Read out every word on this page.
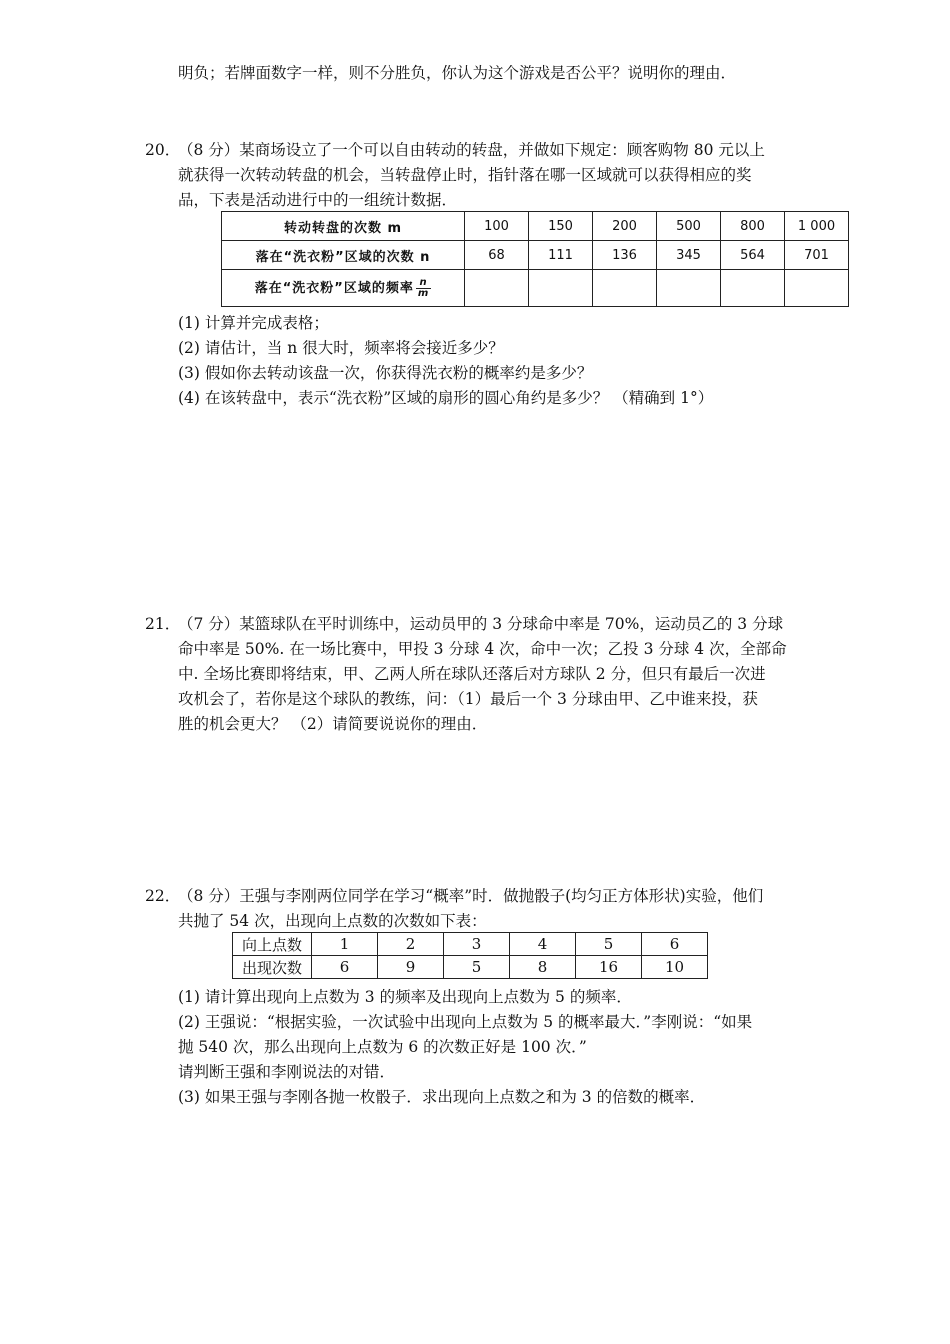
明负；若牌面数字一样，则不分胜负，你认为这个游戏是否公平？说明你的理由．
20．
（8 分）某商场设立了一个可以自由转动的转盘，并做如下规定：顾客购物 80 元以上
就获得一次转动转盘的机会，当转盘停止时，指针落在哪一区域就可以获得相应的奖
品，下表是活动进行中的一组统计数据．
转动转盘的次数 m	100	150	200	500	800	1 000
落在“洗衣粉”区域的次数 n	68	111	136	345	564	701
落在“洗衣粉”区域的频率 $\frac{n}{m}$

(1) 计算并完成表格；
(2) 请估计，当 n 很大时，频率将会接近多少？
(3) 假如你去转动该盘一次，你获得洗衣粉的概率约是多少？
(4) 在该转盘中，表示“洗衣粉”区域的扇形的圆心角约是多少？ （精确到 1°）
21．
（7 分）某篮球队在平时训练中，运动员甲的 3 分球命中率是 70%，运动员乙的 3 分球
命中率是 50%. 在一场比赛中，甲投 3 分球 4 次，命中一次；乙投 3 分球 4 次，全部命
中. 全场比赛即将结束，甲、乙两人所在球队还落后对方球队 2 分，但只有最后一次进
攻机会了，若你是这个球队的教练，问：（1）最后一个 3 分球由甲、乙中谁来投，获
胜的机会更大？ （2）请简要说说你的理由．
22．
（8 分）王强与李刚两位同学在学习“概率”时．做抛骰子(均匀正方体形状)实验，他们
共抛了 54 次，出现向上点数的次数如下表：
向上点数	1	2	3	4	5	6
出现次数	6	9	5	8	16	10
(1) 请计算出现向上点数为 3 的频率及出现向上点数为 5 的频率．
(2) 王强说：“根据实验，一次试验中出现向上点数为 5 的概率最大．”李刚说：“如果
抛 540 次，那么出现向上点数为 6 的次数正好是 100 次．”
请判断王强和李刚说法的对错．
(3) 如果王强与李刚各抛一枚骰子．求出现向上点数之和为 3 的倍数的概率．
